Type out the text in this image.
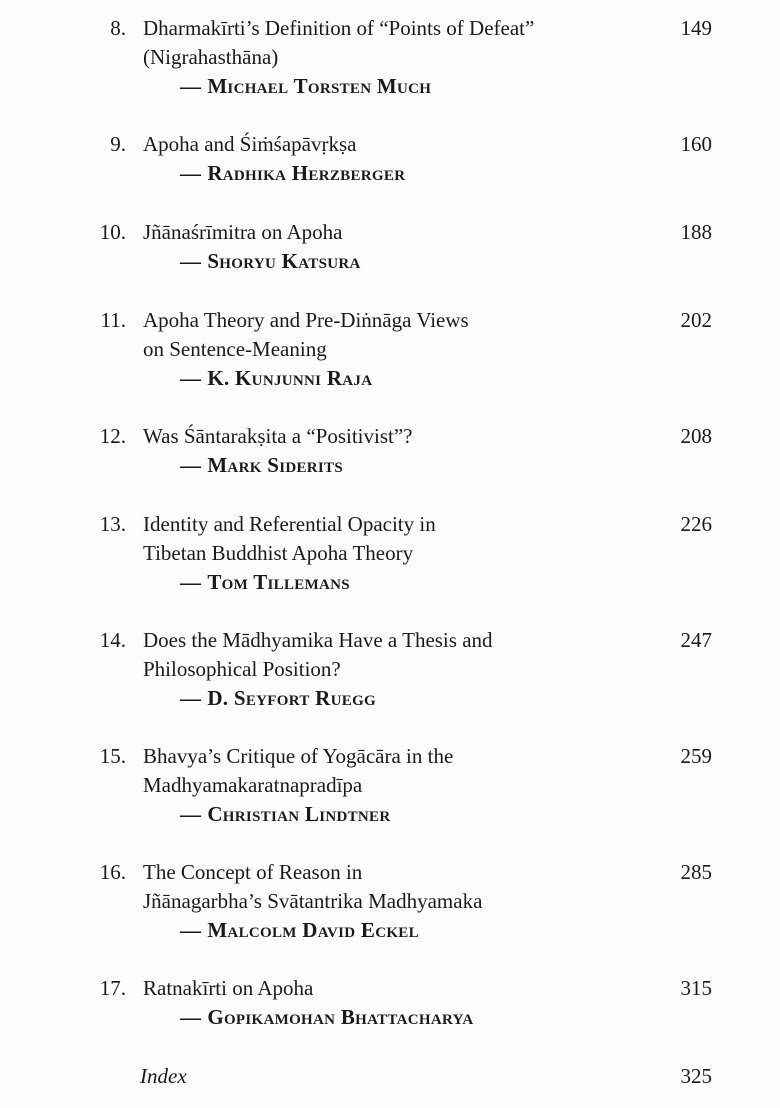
8. Dharmakīrti’s Definition of “Points of Defeat”
(Nigrahasthāna)
— Michael Torsten Much
149
9. Apoha and Śiṁśapāvṛkṣa
— Radhika Herzberger
160
10. Jñānaśrīmitra on Apoha
— Shoryu Katsura
188
11. Apoha Theory and Pre-Diṅnāga Views
on Sentence-Meaning
— K. Kunjunni Raja
202
12. Was Śāntarakṣita a “Positivist”?
— Mark Siderits
208
13. Identity and Referential Opacity in
Tibetan Buddhist Apoha Theory
— Tom Tillemans
226
14. Does the Mādhyamika Have a Thesis and
Philosophical Position?
— D. Seyfort Ruegg
247
15. Bhavya’s Critique of Yogācāra in the
Madhyamakaratnapradīpa
— Christian Lindtner
259
16. The Concept of Reason in
Jñānagarbha’s Svātantrika Madhyamaka
— Malcolm David Eckel
285
17. Ratnakīrti on Apoha
— Gopikamohan Bhattacharya
315
Index	325
